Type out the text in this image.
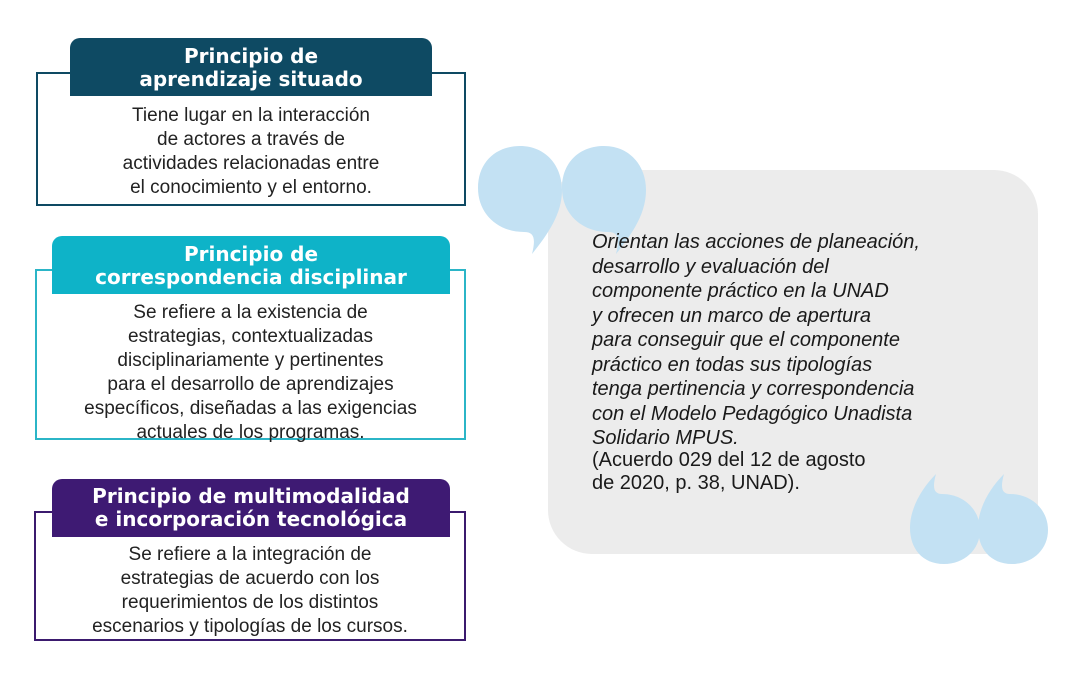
Tiene lugar en la interacción
de actores a través de
actividades relacionadas entre
el conocimiento y el entorno.
Principio de
aprendizaje situado
Se refiere a la existencia de
estrategias, contextualizadas
disciplinariamente y pertinentes
para el desarrollo de aprendizajes
específicos, diseñadas a las exigencias
actuales de los programas.
Principio de
correspondencia disciplinar
Se refiere a la integración de
estrategias de acuerdo con los
requerimientos de los distintos
escenarios y tipologías de los cursos.
Principio de multimodalidad
e incorporación tecnológica
Orientan las acciones de planeación,
desarrollo y evaluación del
componente práctico en la UNAD
y ofrecen un marco de apertura
para conseguir que el componente
práctico en todas sus tipologías
tenga pertinencia y correspondencia
con el Modelo Pedagógico Unadista
Solidario MPUS.
(Acuerdo 029 del 12 de agosto
de 2020, p. 38, UNAD).
